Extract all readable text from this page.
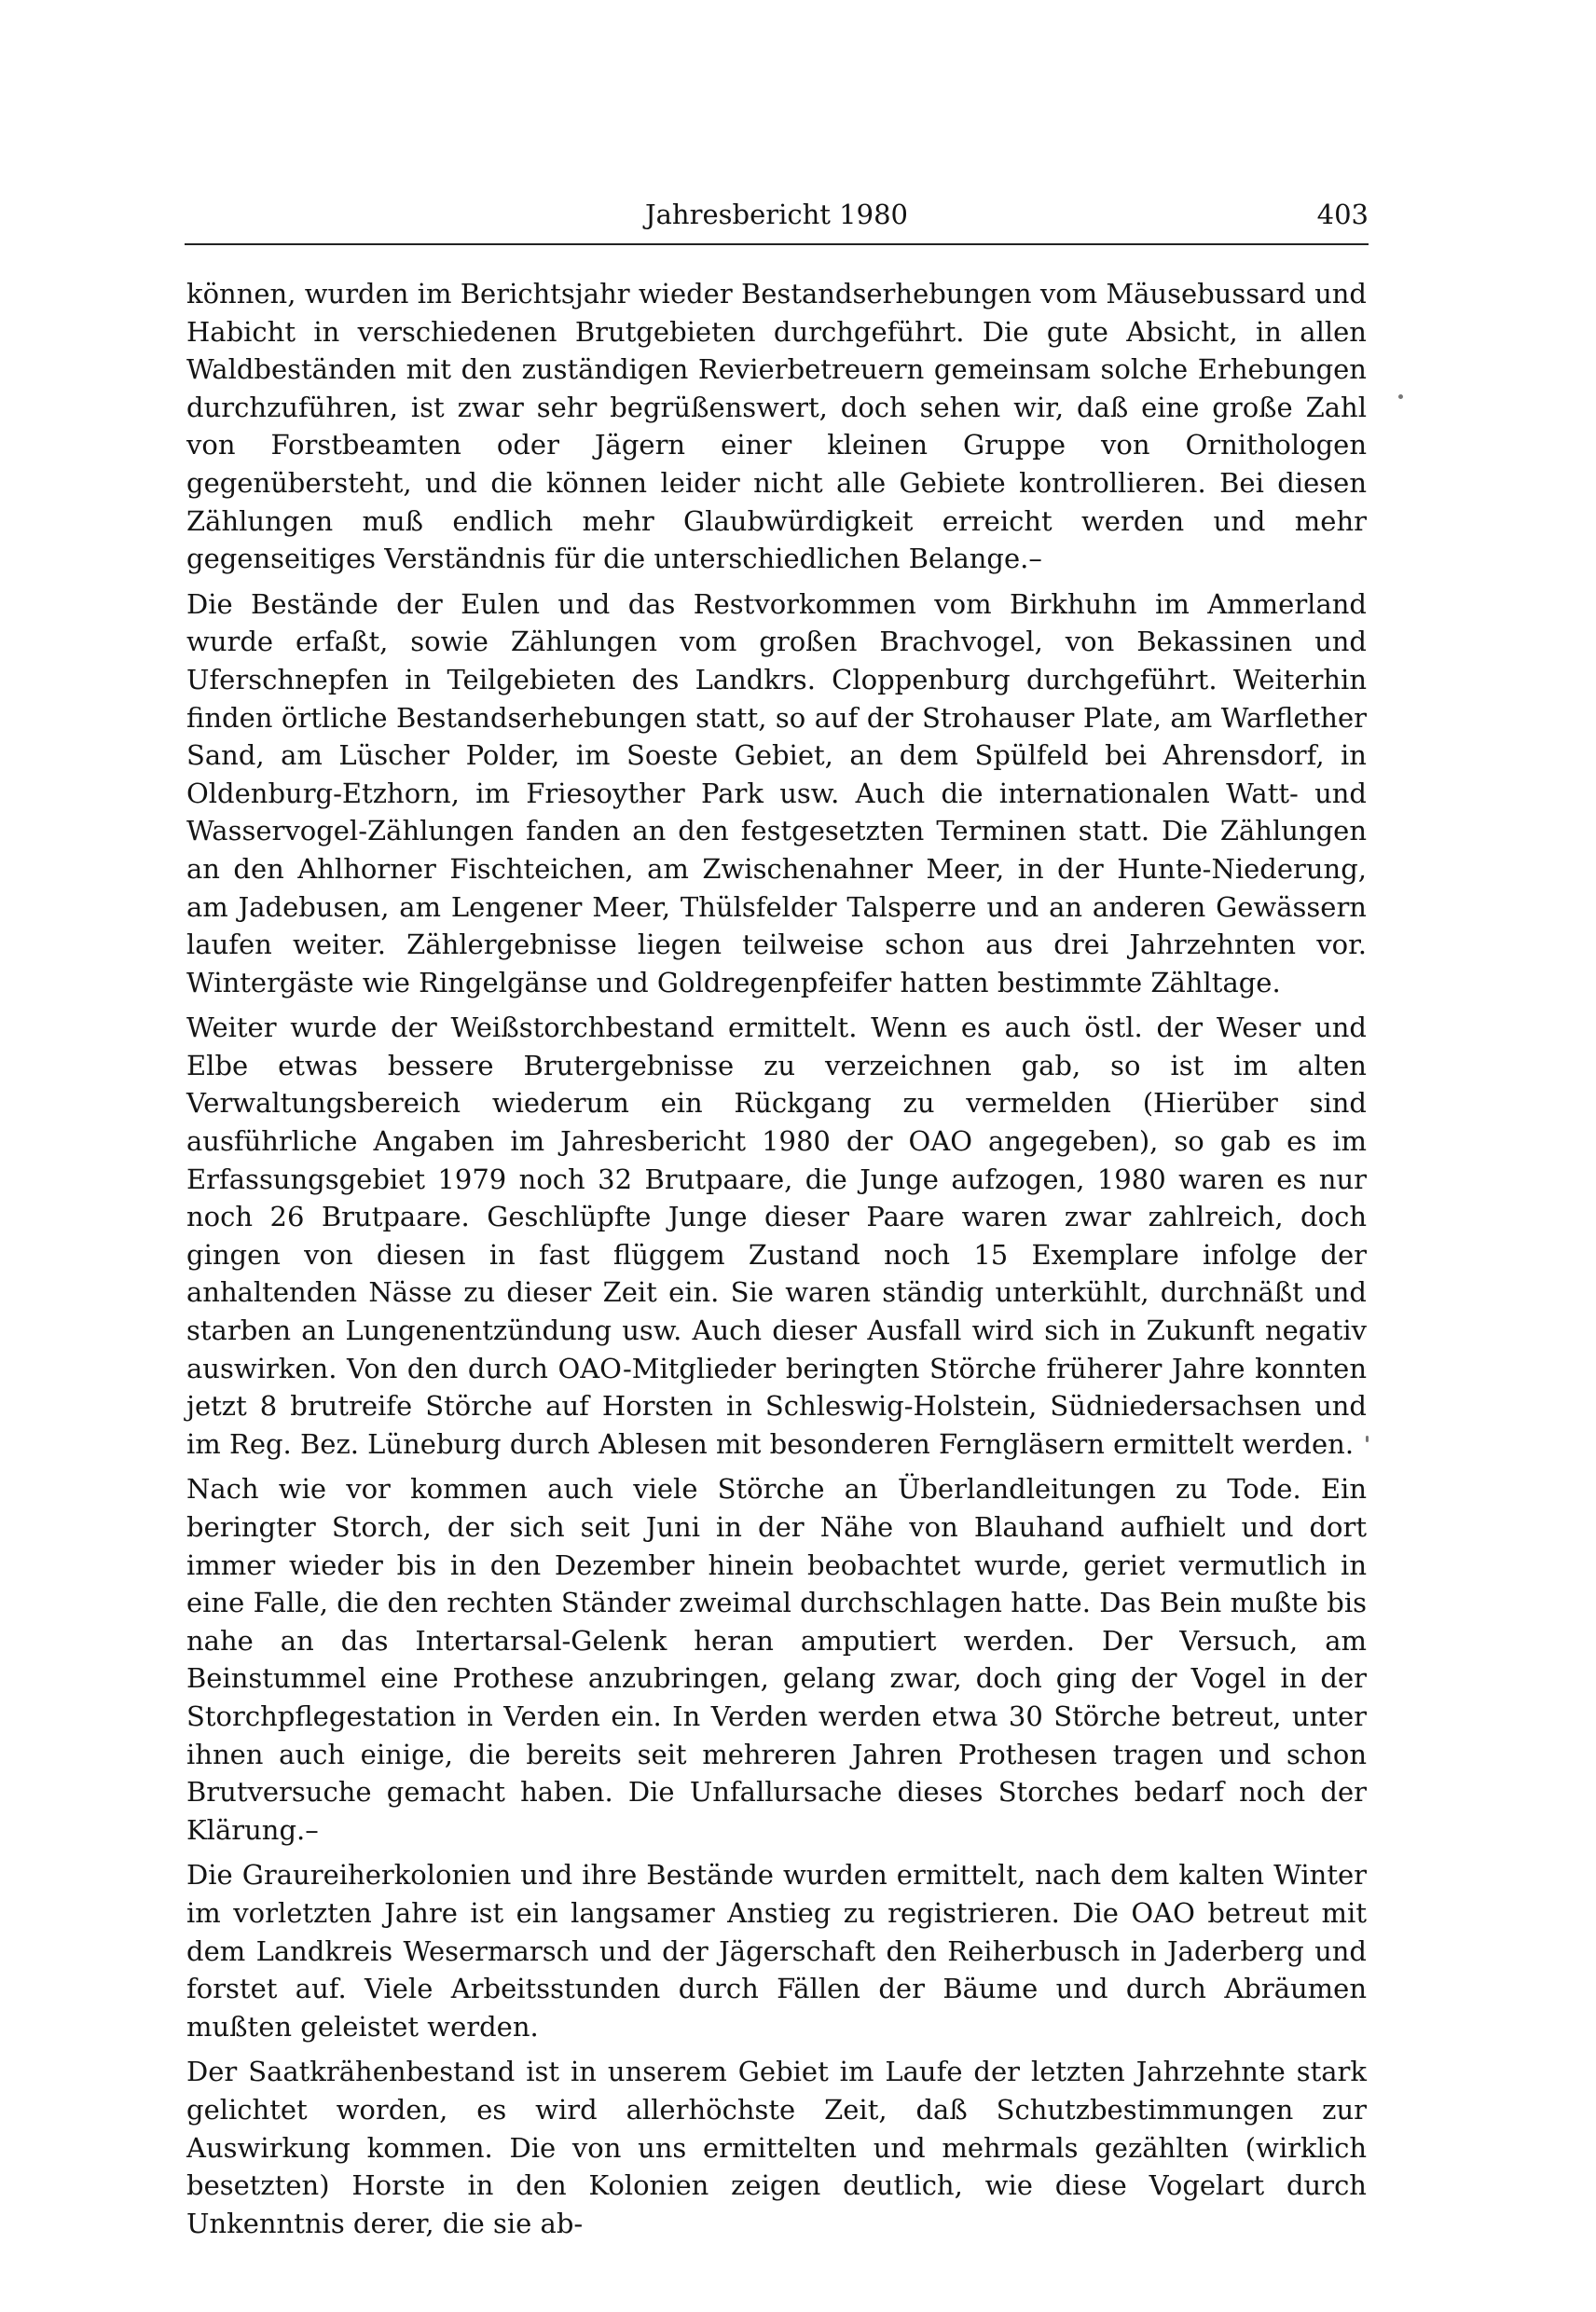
Jahresbericht 1980	403

können, wurden im Berichtsjahr wieder Bestandserhebungen vom Mäusebussard und Habicht in verschiedenen Brutgebieten durchgeführt. Die gute Absicht, in allen Waldbeständen mit den zuständigen Revierbetreuern gemeinsam solche Erhebungen durchzuführen, ist zwar sehr begrüßenswert, doch sehen wir, daß eine große Zahl von Forstbeamten oder Jägern einer kleinen Gruppe von Ornithologen gegenübersteht, und die können leider nicht alle Gebiete kontrollieren. Bei diesen Zählungen muß endlich mehr Glaubwürdigkeit erreicht werden und mehr gegenseitiges Verständnis für die unterschiedlichen Belange.–

Die Bestände der Eulen und das Restvorkommen vom Birkhuhn im Ammerland wurde erfaßt, sowie Zählungen vom großen Brachvogel, von Bekassinen und Uferschnepfen in Teilgebieten des Landkrs. Cloppenburg durchgeführt. Weiterhin finden örtliche Bestandserhebungen statt, so auf der Strohauser Plate, am Warflether Sand, am Lüscher Polder, im Soeste Gebiet, an dem Spülfeld bei Ahrensdorf, in Oldenburg-Etzhorn, im Friesoyther Park usw. Auch die internationalen Watt- und Wasservogel-Zählungen fanden an den festgesetzten Terminen statt. Die Zählungen an den Ahlhorner Fischteichen, am Zwischenahner Meer, in der Hunte-Niederung, am Jadebusen, am Lengener Meer, Thülsfelder Talsperre und an anderen Gewässern laufen weiter. Zählergebnisse liegen teilweise schon aus drei Jahrzehnten vor. Wintergäste wie Ringelgänse und Goldregenpfeifer hatten bestimmte Zähltage.

Weiter wurde der Weißstorchbestand ermittelt. Wenn es auch östl. der Weser und Elbe etwas bessere Brutergebnisse zu verzeichnen gab, so ist im alten Verwaltungsbereich wiederum ein Rückgang zu vermelden (Hierüber sind ausführliche Angaben im Jahresbericht 1980 der OAO angegeben), so gab es im Erfassungsgebiet 1979 noch 32 Brutpaare, die Junge aufzogen, 1980 waren es nur noch 26 Brutpaare. Geschlüpfte Junge dieser Paare waren zwar zahlreich, doch gingen von diesen in fast flüggem Zustand noch 15 Exemplare infolge der anhaltenden Nässe zu dieser Zeit ein. Sie waren ständig unterkühlt, durchnäßt und starben an Lungenentzündung usw. Auch dieser Ausfall wird sich in Zukunft negativ auswirken. Von den durch OAO-Mitglieder beringten Störche früherer Jahre konnten jetzt 8 brutreife Störche auf Horsten in Schleswig-Holstein, Südniedersachsen und im Reg. Bez. Lüneburg durch Ablesen mit besonderen Ferngläsern ermittelt werden.

Nach wie vor kommen auch viele Störche an Überlandleitungen zu Tode. Ein beringter Storch, der sich seit Juni in der Nähe von Blauhand aufhielt und dort immer wieder bis in den Dezember hinein beobachtet wurde, geriet vermutlich in eine Falle, die den rechten Ständer zweimal durchschlagen hatte. Das Bein mußte bis nahe an das Intertarsal-Gelenk heran amputiert werden. Der Versuch, am Beinstummel eine Prothese anzubringen, gelang zwar, doch ging der Vogel in der Storchpflegestation in Verden ein. In Verden werden etwa 30 Störche betreut, unter ihnen auch einige, die bereits seit mehreren Jahren Prothesen tragen und schon Brutversuche gemacht haben. Die Unfallursache dieses Storches bedarf noch der Klärung.–

Die Graureiherkolonien und ihre Bestände wurden ermittelt, nach dem kalten Winter im vorletzten Jahre ist ein langsamer Anstieg zu registrieren. Die OAO betreut mit dem Landkreis Wesermarsch und der Jägerschaft den Reiherbusch in Jaderberg und forstet auf. Viele Arbeitsstunden durch Fällen der Bäume und durch Abräumen mußten geleistet werden.

Der Saatkrähenbestand ist in unserem Gebiet im Laufe der letzten Jahrzehnte stark gelichtet worden, es wird allerhöchste Zeit, daß Schutzbestimmungen zur Auswirkung kommen. Die von uns ermittelten und mehrmals gezählten (wirklich besetzten) Horste in den Kolonien zeigen deutlich, wie diese Vogelart durch Unkenntnis derer, die sie ab-
